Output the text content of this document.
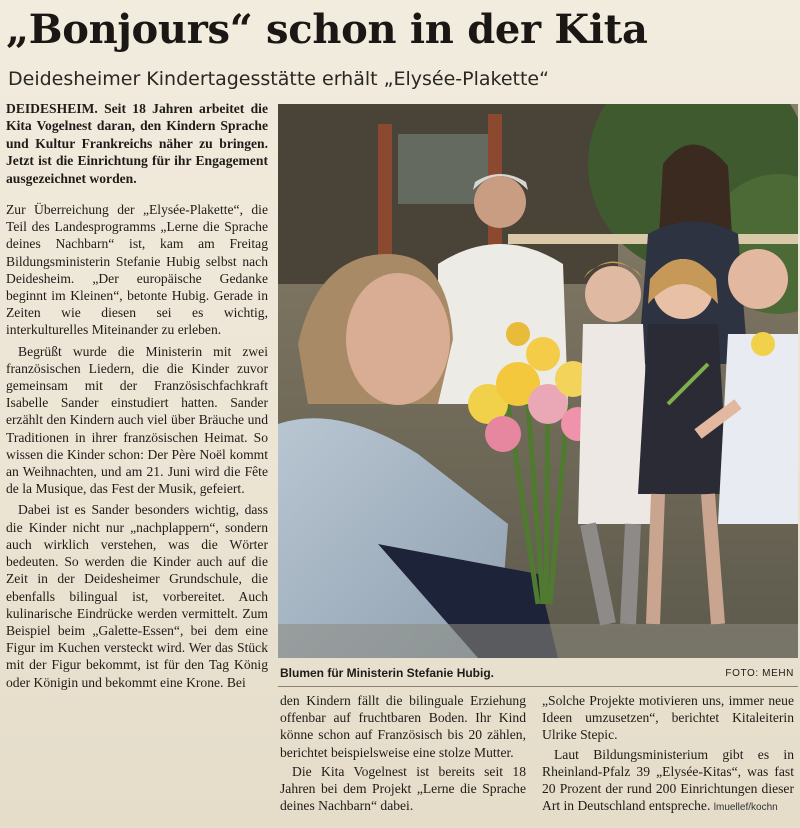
„Bonjours“ schon in der Kita
Deidesheimer Kindertagesstätte erhält „Elysée-Plakette“

DEIDESHEIM. Seit 18 Jahren arbeitet die Kita Vogelnest daran, den Kindern Sprache und Kultur Frankreichs näher zu bringen. Jetzt ist die Einrichtung für ihr Engagement ausgezeichnet worden.

Zur Überreichung der „Elysée-Plakette“, die Teil des Landesprogramms „Lerne die Sprache deines Nachbarn“ ist, kam am Freitag Bildungsministerin Stefanie Hubig selbst nach Deidesheim. „Der europäische Gedanke beginnt im Kleinen“, betonte Hubig. Gerade in Zeiten wie diesen sei es wichtig, interkulturelles Miteinander zu erleben.

Begrüßt wurde die Ministerin mit zwei französischen Liedern, die die Kinder zuvor gemeinsam mit der Französischfachkraft Isabelle Sander einstudiert hatten. Sander erzählt den Kindern auch viel über Bräuche und Traditionen in ihrer französischen Heimat. So wissen die Kinder schon: Der Père Noël kommt an Weihnachten, und am 21. Juni wird die Fête de la Musique, das Fest der Musik, gefeiert.

Dabei ist es Sander besonders wichtig, dass die Kinder nicht nur „nachplappern“, sondern auch wirklich verstehen, was die Wörter bedeuten. So werden die Kinder auch auf die Zeit in der Deidesheimer Grundschule, die ebenfalls bilingual ist, vorbereitet. Auch kulinarische Eindrücke werden vermittelt. Zum Beispiel beim „Galette-Essen“, bei dem eine Figur im Kuchen versteckt wird. Wer das Stück mit der Figur bekommt, ist für den Tag König oder Königin und bekommt eine Krone. Bei

Blumen für Ministerin Stefanie Hubig.	FOTO: MEHN

den Kindern fällt die bilinguale Erziehung offenbar auf fruchtbaren Boden. Ihr Kind könne schon auf Französisch bis 20 zählen, berichtet beispielsweise eine stolze Mutter.

Die Kita Vogelnest ist bereits seit 18 Jahren bei dem Projekt „Lerne die Sprache deines Nachbarn“ dabei.

„Solche Projekte motivieren uns, immer neue Ideen umzusetzen“, berichtet Kitaleiterin Ulrike Stepic.

Laut Bildungsministerium gibt es in Rheinland-Pfalz 39 „Elysée-Kitas“, was fast 20 Prozent der rund 200 Einrichtungen dieser Art in Deutschland entspreche. lmuellef/kochn
